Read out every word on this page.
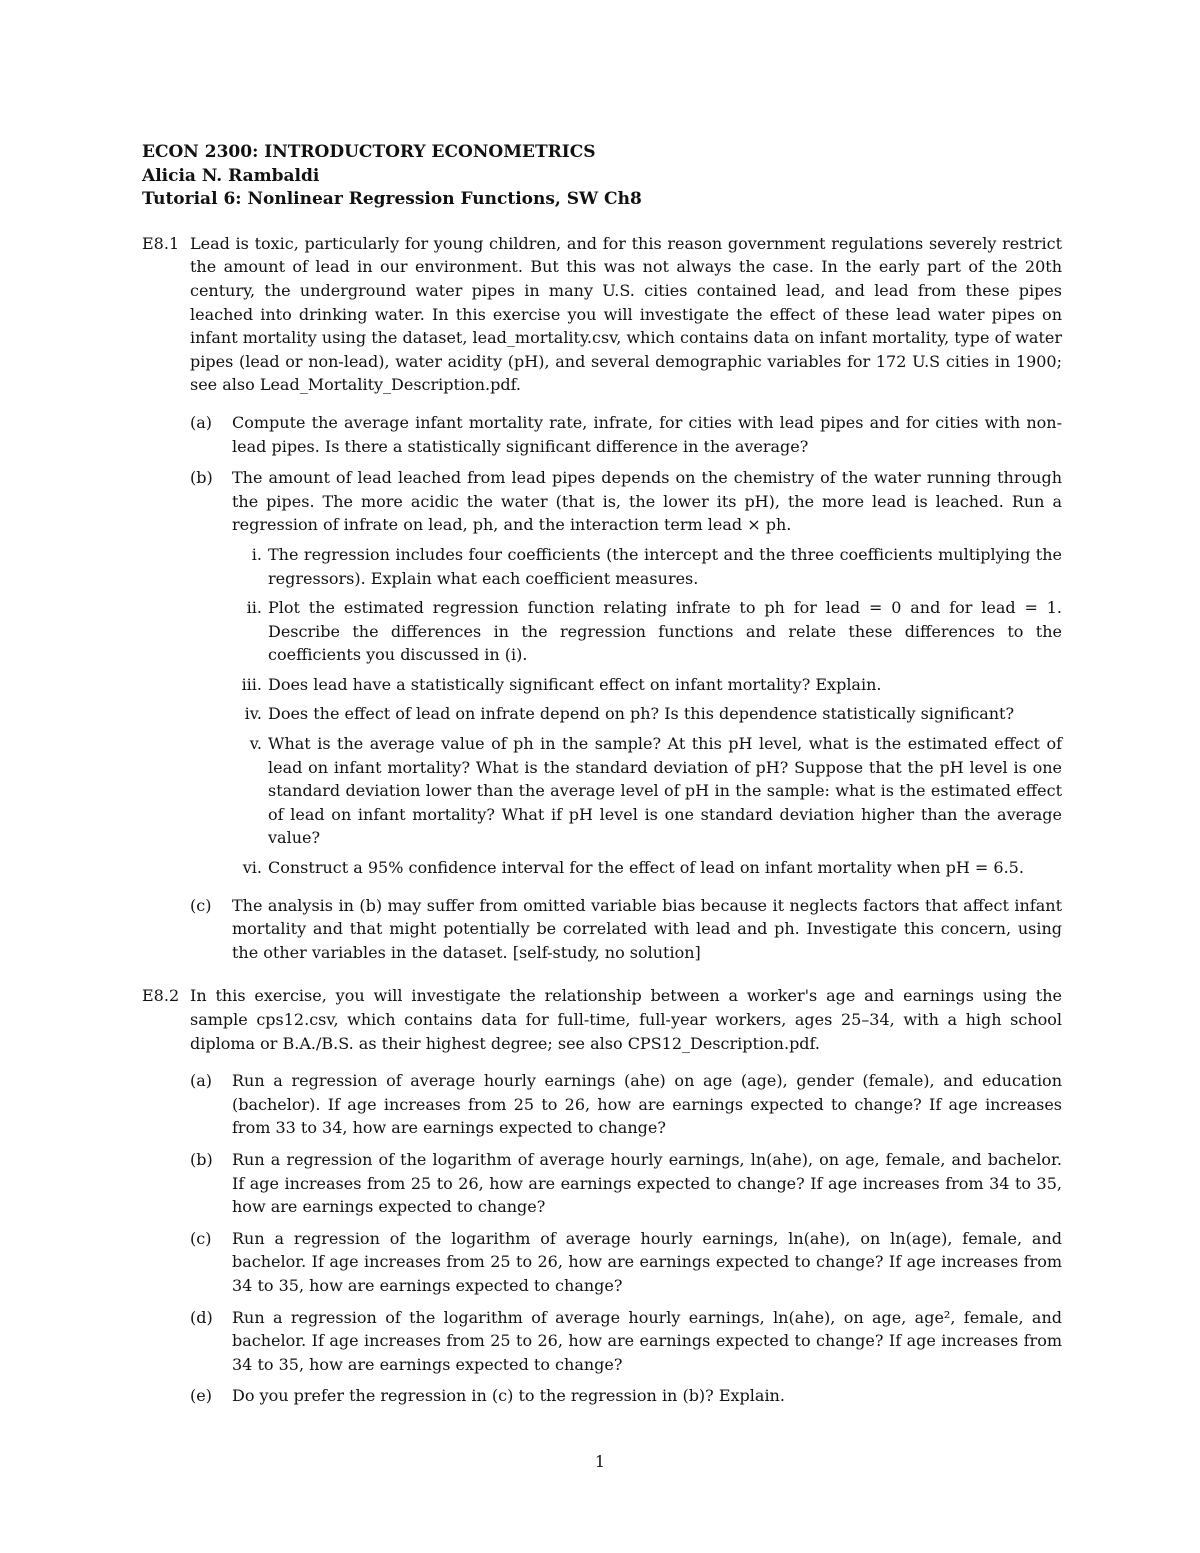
ECON 2300: INTRODUCTORY ECONOMETRICS

Alicia N. Rambaldi

Tutorial 6: Nonlinear Regression Functions, SW Ch8

E8.1 Lead is toxic, particularly for young children, and for this reason government regulations severely restrict the amount of lead in our environment. But this was not always the case. In the early part of the 20th century, the underground water pipes in many U.S. cities contained lead, and lead from these pipes leached into drinking water. In this exercise you will investigate the effect of these lead water pipes on infant mortality using the dataset, lead_mortality.csv, which contains data on infant mortality, type of water pipes (lead or non-lead), water acidity (pH), and several demographic variables for 172 U.S cities in 1900; see also Lead_Mortality_Description.pdf.
(a)	Compute the average infant mortality rate, infrate, for cities with lead pipes and for cities with non-lead pipes. Is there a statistically significant difference in the average?
(b)	The amount of lead leached from lead pipes depends on the chemistry of the water running through the pipes. The more acidic the water (that is, the lower its pH), the more lead is leached. Run a regression of infrate on lead, ph, and the interaction term lead × ph.
i. The regression includes four coefficients (the intercept and the three coefficients multiplying the regressors). Explain what each coefficient measures.
ii. Plot the estimated regression function relating infrate to ph for lead = 0 and for lead = 1. Describe the differences in the regression functions and relate these differences to the coefficients you discussed in (i).
iii. Does lead have a statistically significant effect on infant mortality? Explain.
iv. Does the effect of lead on infrate depend on ph? Is this dependence statistically significant?
v. What is the average value of ph in the sample? At this pH level, what is the estimated effect of lead on infant mortality? What is the standard deviation of pH? Suppose that the pH level is one standard deviation lower than the average level of pH in the sample: what is the estimated effect of lead on infant mortality? What if pH level is one standard deviation higher than the average value?
vi. Construct a 95% confidence interval for the effect of lead on infant mortality when pH = 6.5.
(c)	The analysis in (b) may suffer from omitted variable bias because it neglects factors that affect infant mortality and that might potentially be correlated with lead and ph. Investigate this concern, using the other variables in the dataset. [self-study, no solution]
E8.2 In this exercise, you will investigate the relationship between a worker's age and earnings using the sample cps12.csv, which contains data for full-time, full-year workers, ages 25–34, with a high school diploma or B.A./B.S. as their highest degree; see also CPS12_Description.pdf.
(a)	Run a regression of average hourly earnings (ahe) on age (age), gender (female), and education (bachelor). If age increases from 25 to 26, how are earnings expected to change? If age increases from 33 to 34, how are earnings expected to change?
(b)	Run a regression of the logarithm of average hourly earnings, ln(ahe), on age, female, and bachelor. If age increases from 25 to 26, how are earnings expected to change? If age increases from 34 to 35, how are earnings expected to change?
(c)	Run a regression of the logarithm of average hourly earnings, ln(ahe), on ln(age), female, and bachelor. If age increases from 25 to 26, how are earnings expected to change? If age increases from 34 to 35, how are earnings expected to change?
(d)	Run a regression of the logarithm of average hourly earnings, ln(ahe), on age, age², female, and bachelor. If age increases from 25 to 26, how are earnings expected to change? If age increases from 34 to 35, how are earnings expected to change?
(e)	Do you prefer the regression in (c) to the regression in (b)? Explain.
1
